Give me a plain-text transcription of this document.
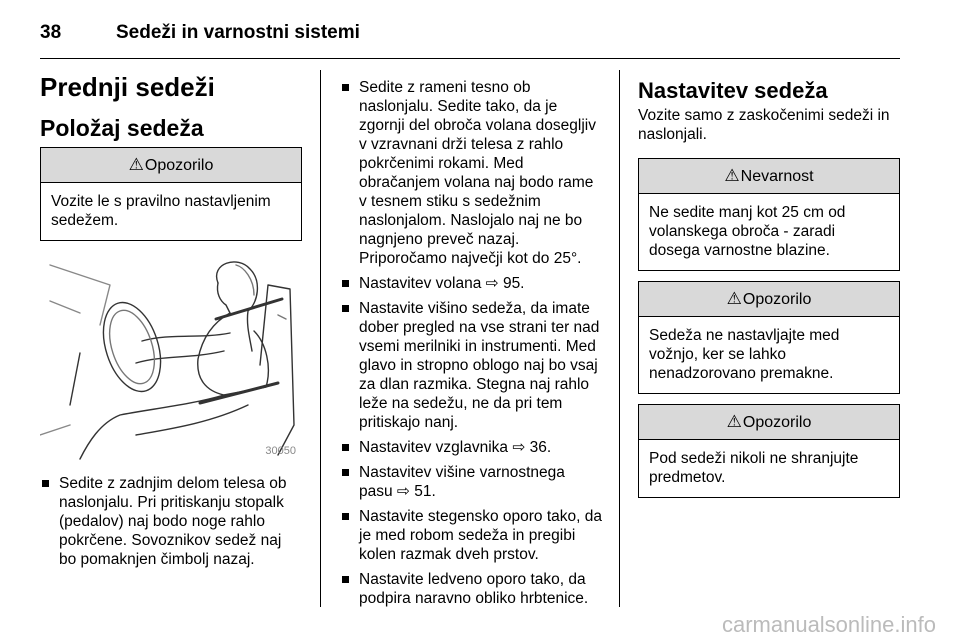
38	Sedeži in varnostni sistemi
Prednji sedeži
Položaj sedeža
⚠Opozorilo
Vozite le s pravilno nastavljenim sedežem.
30050
Sedite z zadnjim delom telesa ob naslonjalu. Pri pritiskanju stopalk (pedalov) naj bodo noge rahlo pokrčene. Sovoznikov sedež naj bo pomaknjen čimbolj nazaj.
Sedite z rameni tesno ob naslonjalu. Sedite tako, da je zgornji del obroča volana dosegljiv v vzravnani drži telesa z rahlo pokrčenimi rokami. Med obračanjem volana naj bodo rame v tesnem stiku s sedežnim naslonjalom. Naslojalo naj ne bo nagnjeno preveč nazaj. Priporočamo največji kot do 25°.
Nastavitev volana ⇨ 95.
Nastavite višino sedeža, da imate dober pregled na vse strani ter nad vsemi merilniki in instrumenti. Med glavo in stropno oblogo naj bo vsaj za dlan razmika. Stegna naj rahlo leže na sedežu, ne da pri tem pritiskajo nanj.
Nastavitev vzglavnika ⇨ 36.
Nastavitev višine varnostnega pasu ⇨ 51.
Nastavite stegensko oporo tako, da je med robom sedeža in pregibi kolen razmak dveh prstov.
Nastavite ledveno oporo tako, da podpira naravno obliko hrbtenice.
Nastavitev sedeža
Vozite samo z zaskočenimi sedeži in naslonjali.
⚠Nevarnost
Ne sedite manj kot 25 cm od volanskega obroča - zaradi dosega varnostne blazine.
⚠Opozorilo
Sedeža ne nastavljajte med vožnjo, ker se lahko nenadzorovano premakne.
⚠Opozorilo
Pod sedeži nikoli ne shranjujte predmetov.
carmanualsonline.info
